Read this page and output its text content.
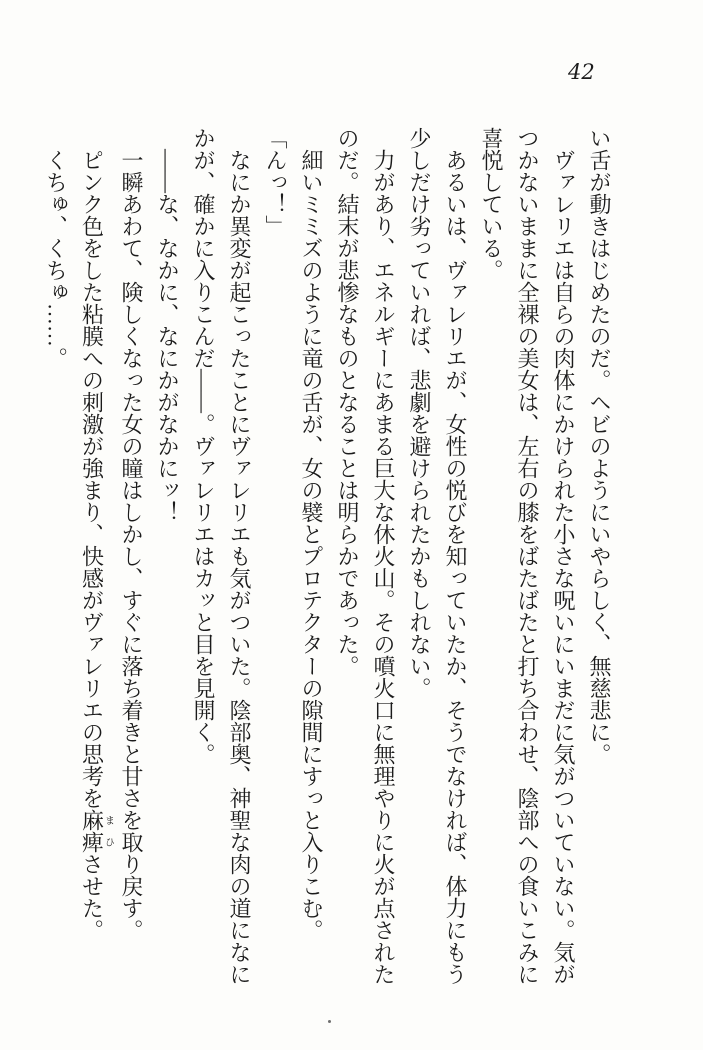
42

い舌が動きはじめたのだ。ヘビのようにいやらしく、無慈悲に。

ヴァレリエは自らの肉体にかけられた小さな呪いにいまだに気がついていない。気がつかないままに全裸の美女は、左右の膝をばたばたと打ち合わせ、陰部への食いこみに喜悦している。

あるいは、ヴァレリエが、女性の悦びを知っていたか、そうでなければ、体力にもう少しだけ劣っていれば、悲劇を避けられたかもしれない。

力があり、エネルギーにあまる巨大な休火山。その噴火口に無理やりに火が点されたのだ。結末が悲惨なものとなることは明らかであった。

細いミミズのように竜の舌が、女の襞とプロテクターの隙間にすっと入りこむ。

「んっ！」

なにか異変が起こったことにヴァレリエも気がついた。陰部奥、神聖な肉の道になにかが、確かに入りこんだ——。ヴァレリエはカッと目を見開く。

——な、なかに、なにかがなかにッ！

一瞬あわて、険しくなった女の瞳はしかし、すぐに落ち着きと甘さを取り戻す。

ピンク色をした粘膜への刺激が強まり、快感がヴァレリエの思考を麻痺まひさせた。

くちゅ、くちゅ……。
